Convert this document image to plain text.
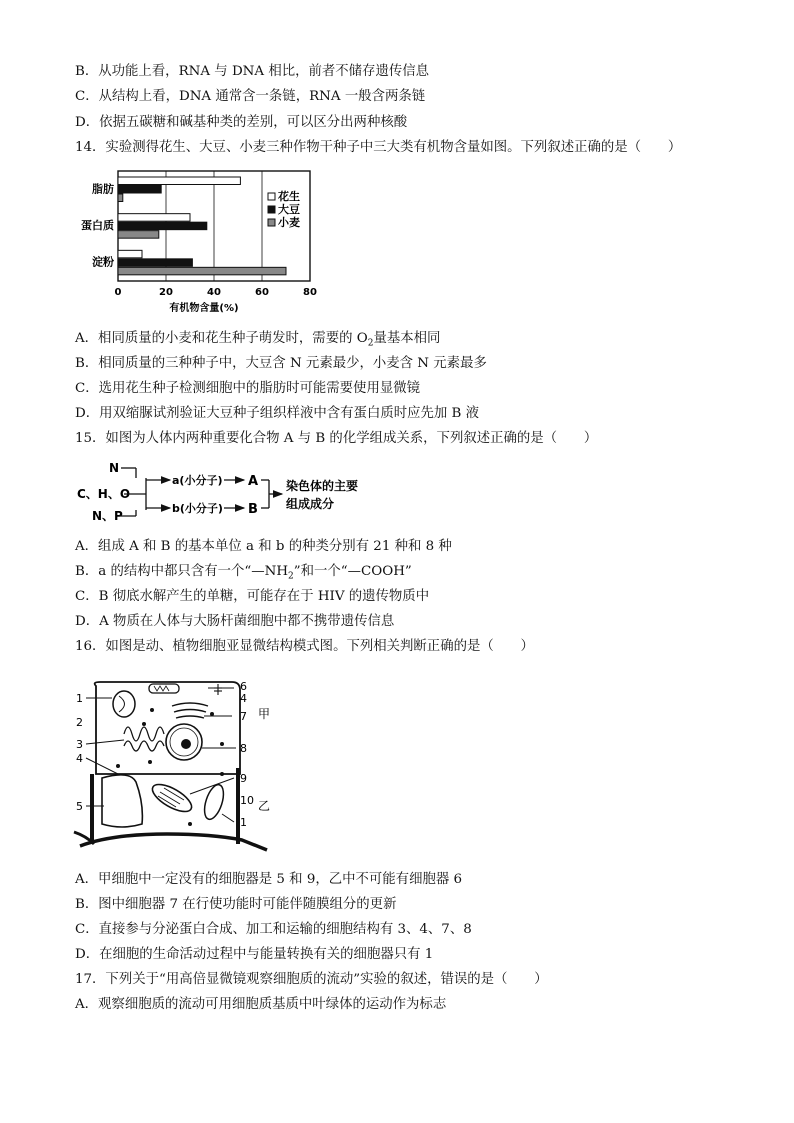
B．从功能上看，RNA 与 DNA 相比，前者不储存遗传信息
C．从结构上看，DNA 通常含一条链，RNA 一般含两条链
D．依据五碳糖和碱基种类的差别，可以区分出两种核酸
14．实验测得花生、大豆、小麦三种作物干种子中三大类有机物含量如图。下列叙述正确的是（　　）
0	20	40	60	80
有机物含量(%)
脂肪
蛋白质
淀粉
花生
大豆
小麦
A．相同质量的小麦和花生种子萌发时，需要的 $O_2$量基本相同
B．相同质量的三种种子中，大豆含 N 元素最少，小麦含 N 元素最多
C．选用花生种子检测细胞中的脂肪时可能需要使用显微镜
D．用双缩脲试剂验证大豆种子组织样液中含有蛋白质时应先加 B 液
15．如图为人体内两种重要化合物 A 与 B 的化学组成关系，下列叙述正确的是（　　）
N
C、H、O
N、P
a(小分子)
b(小分子)
A
B
染色体的主要
组成成分
A．组成 A 和 B 的基本单位 a 和 b 的种类分别有 21 种和 8 种
B．a 的结构中都只含有一个“$—NH_2$”和一个“—COOH”
C．B 彻底水解产生的单糖，可能存在于 HIV 的遗传物质中
D．A 物质在人体与大肠杆菌细胞中都不携带遗传信息
16．如图是动、植物细胞亚显微结构模式图。下列相关判断正确的是（　　）
1
2
3
4
5
6
4
7
8
9
10
1
甲
乙
A．甲细胞中一定没有的细胞器是 5 和 9，乙中不可能有细胞器 6
B．图中细胞器 7 在行使功能时可能伴随膜组分的更新
C．直接参与分泌蛋白合成、加工和运输的细胞结构有 3、4、7、8
D．在细胞的生命活动过程中与能量转换有关的细胞器只有 1
17．下列关于“用高倍显微镜观察细胞质的流动”实验的叙述，错误的是（　　）
A．观察细胞质的流动可用细胞质基质中叶绿体的运动作为标志
